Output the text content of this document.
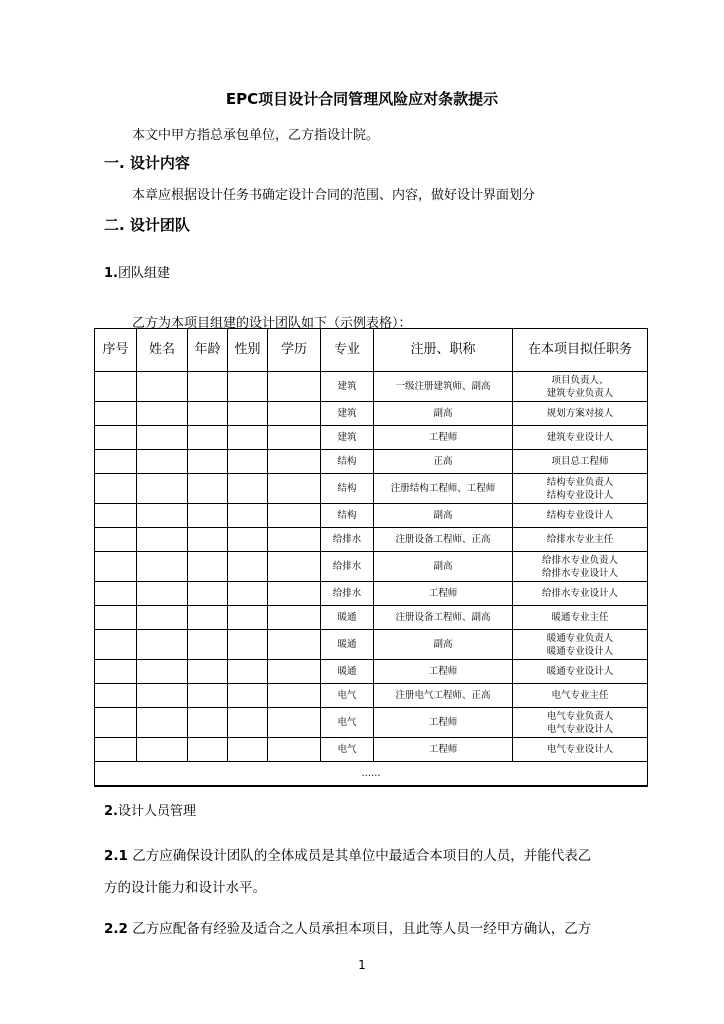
EPC项目设计合同管理风险应对条款提示
本文中甲方指总承包单位，乙方指设计院。
一. 设计内容
本章应根据设计任务书确定设计合同的范围、内容，做好设计界面划分
二. 设计团队
1.团队组建
乙方为本项目组建的设计团队如下（示例表格）：
序号	姓名	年龄	性别	学历	专业	注册、职称	在本项目拟任职务
					建筑	一级注册建筑师、副高	项目负责人、
建筑专业负责人
					建筑	副高	规划方案对接人
					建筑	工程师	建筑专业设计人
					结构	正高	项目总工程师
					结构	注册结构工程师、工程师	结构专业负责人
结构专业设计人
					结构	副高	结构专业设计人
					给排水	注册设备工程师、正高	给排水专业主任
					给排水	副高	给排水专业负责人
给排水专业设计人
					给排水	工程师	给排水专业设计人
					暖通	注册设备工程师、副高	暖通专业主任
					暖通	副高	暖通专业负责人
暖通专业设计人
					暖通	工程师	暖通专业设计人
					电气	注册电气工程师、正高	电气专业主任
					电气	工程师	电气专业负责人
电气专业设计人
					电气	工程师	电气专业设计人
……							
2.设计人员管理
2.1 乙方应确保设计团队的全体成员是其单位中最适合本项目的人员，并能代表乙
方的设计能力和设计水平。
2.2 乙方应配备有经验及适合之人员承担本项目，且此等人员一经甲方确认，乙方
1
